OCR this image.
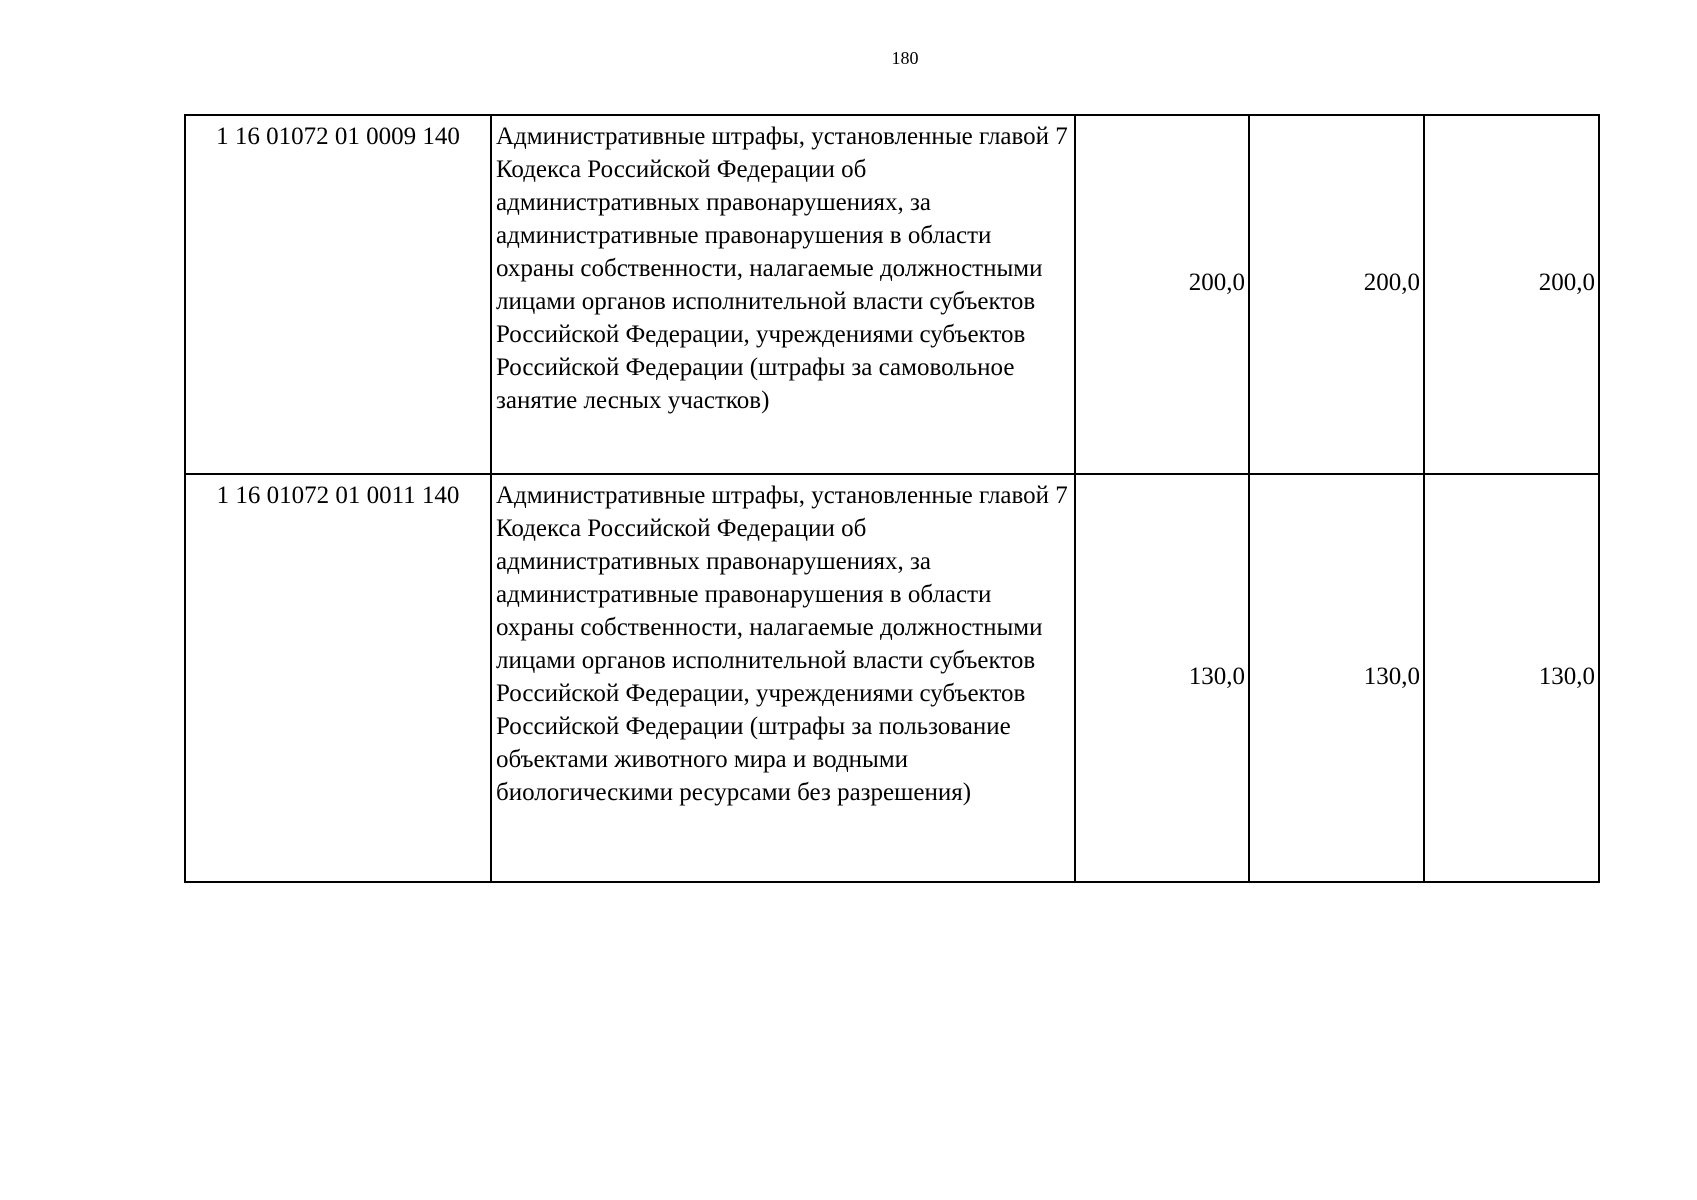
180
1 16 01072 01 0009 140	Административные штрафы, установленные главой 7 Кодекса Российской Федерации об административных правонарушениях, за административные правонарушения в области охраны собственности, налагаемые должностными лицами органов исполнительной власти субъектов Российской Федерации, учреждениями субъектов Российской Федерации (штрафы за самовольное занятие лесных участков)	200,0	200,0	200,0
1 16 01072 01 0011 140	Административные штрафы, установленные главой 7 Кодекса Российской Федерации об административных правонарушениях, за административные правонарушения в области охраны собственности, налагаемые должностными лицами органов исполнительной власти субъектов Российской Федерации, учреждениями субъектов Российской Федерации (штрафы за пользование объектами животного мира и водными биологическими ресурсами без разрешения)	130,0	130,0	130,0
